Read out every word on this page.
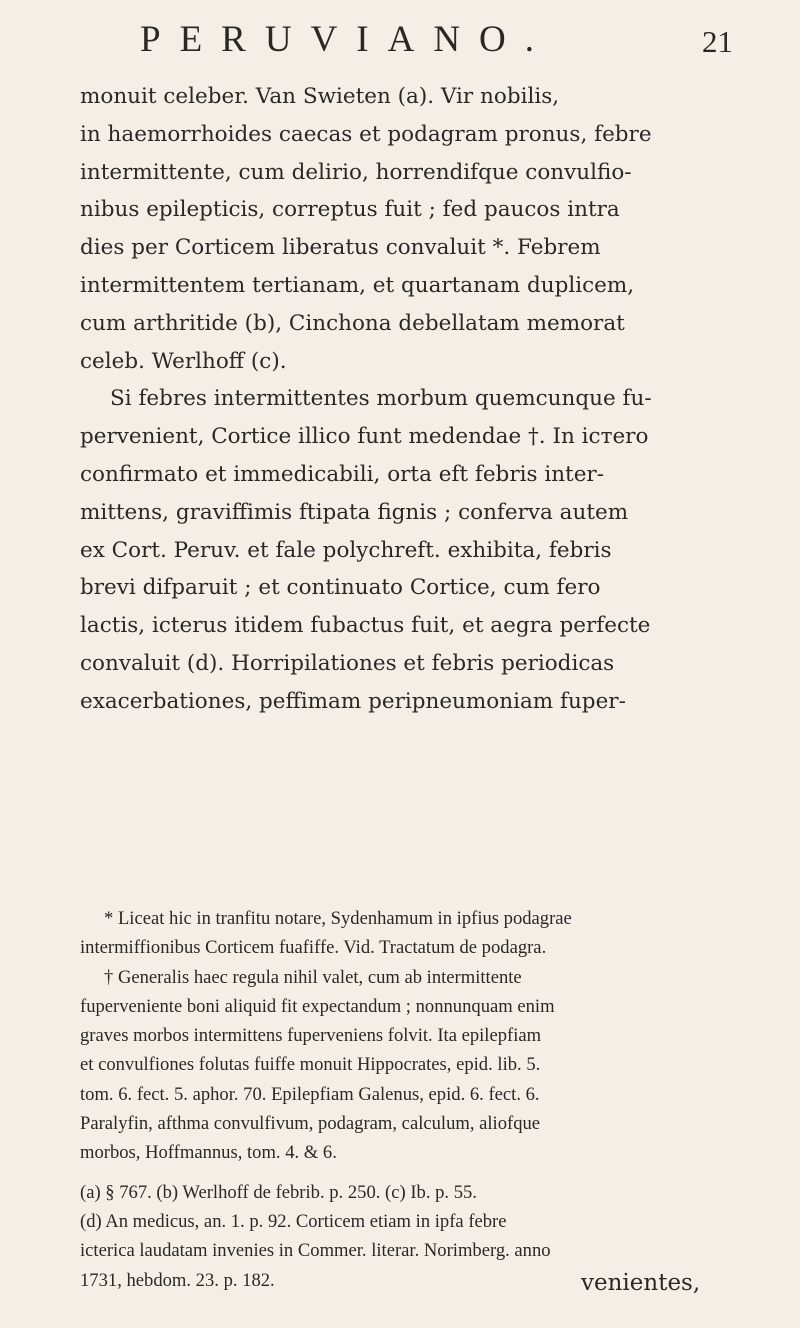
PERUVIANO.	21
monuit celeber. Van Swieten (a). Vir nobilis,
in haemorrhoides caecas et podagram pronus, febre
intermittente, cum delirio, horrendifque convulfio-
nibus epilepticis, correptus fuit ; fed paucos intra
dies per Corticem liberatus convaluit *. Febrem
intermittentem tertianam, et quartanam duplicem,
cum arthritide (b), Cinchona debellatam memorat
celeb. Werlhoff (c).
Si febres intermittentes morbum quemcunque fu-
pervenient, Cortice illico funt medendae †. In icтero
confirmato et immedicabili, orta eft febris inter-
mittens, graviffimis ftipata fignis ; conferva autem
ex Cort. Peruv. et fale polychreft. exhibita, febris
brevi difparuit ; et continuato Cortice, cum fero
lactis, icterus itidem fubactus fuit, et aegra perfecte
convaluit (d). Horripilationes et febris periodicas
exacerbationes, peffimam peripneumoniam fuper-
* Liceat hic in tranfitu notare, Sydenhamum in ipfius podagrae
intermiffionibus Corticem fuafiffe. Vid. Tractatum de podagra.
† Generalis haec regula nihil valet, cum ab intermittente
fuperveniente boni aliquid fit expectandum ; nonnunquam enim
graves morbos intermittens fuperveniens folvit. Ita epilepfiam
et convulfiones folutas fuiffe monuit Hippocrates, epid. lib. 5.
tom. 6. fect. 5. aphor. 70. Epilepfiam Galenus, epid. 6. fect. 6.
Paralyfin, afthma convulfivum, podagram, calculum, aliofque
morbos, Hoffmannus, tom. 4. & 6.
(a) § 767. (b) Werlhoff de febrib. p. 250. (c) Ib. p. 55.
(d) An medicus, an. 1. p. 92. Corticem etiam in ipfa febre
icterica laudatam invenies in Commer. literar. Norimberg. anno
1731, hebdom. 23. p. 182.	venientes,
